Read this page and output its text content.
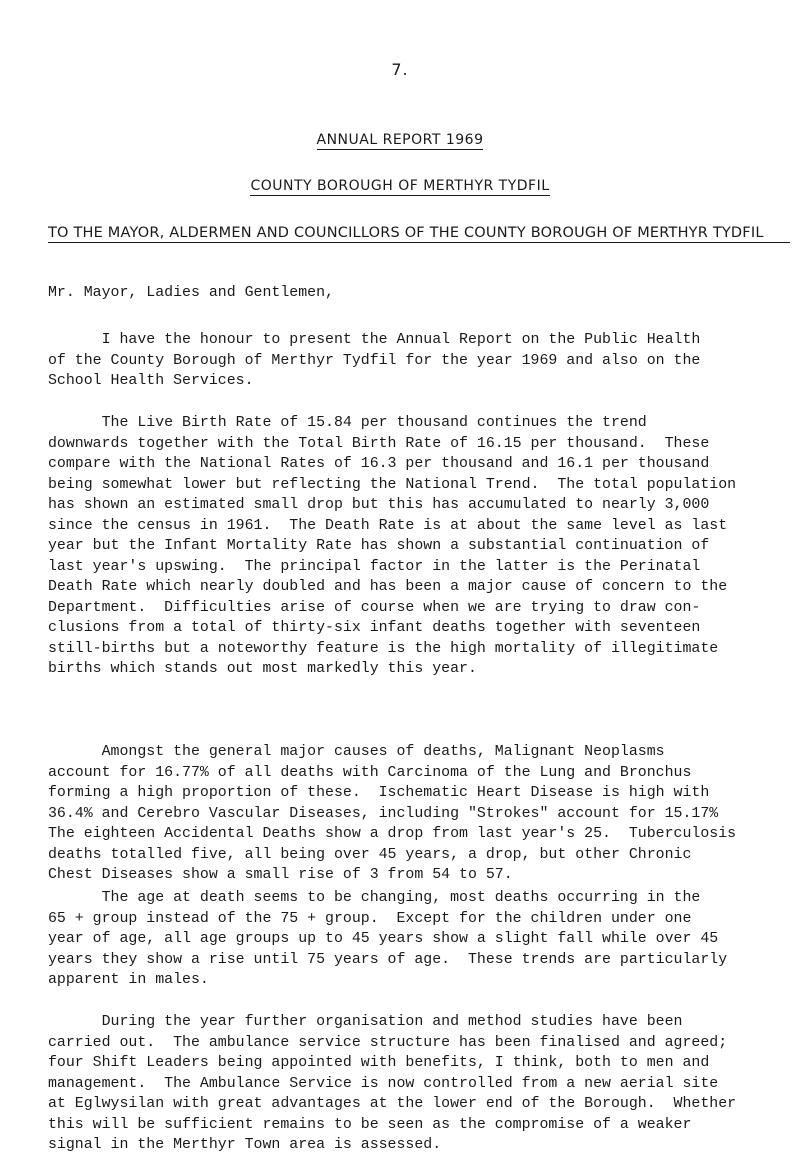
7.
ANNUAL REPORT 1969
COUNTY BOROUGH OF MERTHYR TYDFIL
TO THE MAYOR, ALDERMEN AND COUNCILLORS OF THE COUNTY BOROUGH OF MERTHYR TYDFIL
Mr. Mayor, Ladies and Gentlemen,
I have the honour to present the Annual Report on the Public Health
of the County Borough of Merthyr Tydfil for the year 1969 and also on the
School Health Services.
The Live Birth Rate of 15.84 per thousand continues the trend
downwards together with the Total Birth Rate of 16.15 per thousand.  These
compare with the National Rates of 16.3 per thousand and 16.1 per thousand
being somewhat lower but reflecting the National Trend.  The total population
has shown an estimated small drop but this has accumulated to nearly 3,000
since the census in 1961.  The Death Rate is at about the same level as last
year but the Infant Mortality Rate has shown a substantial continuation of
last year's upswing.  The principal factor in the latter is the Perinatal
Death Rate which nearly doubled and has been a major cause of concern to the
Department.  Difficulties arise of course when we are trying to draw con-
clusions from a total of thirty-six infant deaths together with seventeen
still-births but a noteworthy feature is the high mortality of illegitimate
births which stands out most markedly this year.
Amongst the general major causes of deaths, Malignant Neoplasms
account for 16.77% of all deaths with Carcinoma of the Lung and Bronchus
forming a high proportion of these.  Ischematic Heart Disease is high with
36.4% and Cerebro Vascular Diseases, including "Strokes" account for 15.17%
The eighteen Accidental Deaths show a drop from last year's 25.  Tuberculosis
deaths totalled five, all being over 45 years, a drop, but other Chronic
Chest Diseases show a small rise of 3 from 54 to 57.
The age at death seems to be changing, most deaths occurring in the
65 + group instead of the 75 + group.  Except for the children under one
year of age, all age groups up to 45 years show a slight fall while over 45
years they show a rise until 75 years of age.  These trends are particularly
apparent in males.
During the year further organisation and method studies have been
carried out.  The ambulance service structure has been finalised and agreed;
four Shift Leaders being appointed with benefits, I think, both to men and
management.  The Ambulance Service is now controlled from a new aerial site
at Eglwysilan with great advantages at the lower end of the Borough.  Whether
this will be sufficient remains to be seen as the compromise of a weaker
signal in the Merthyr Town area is assessed.
